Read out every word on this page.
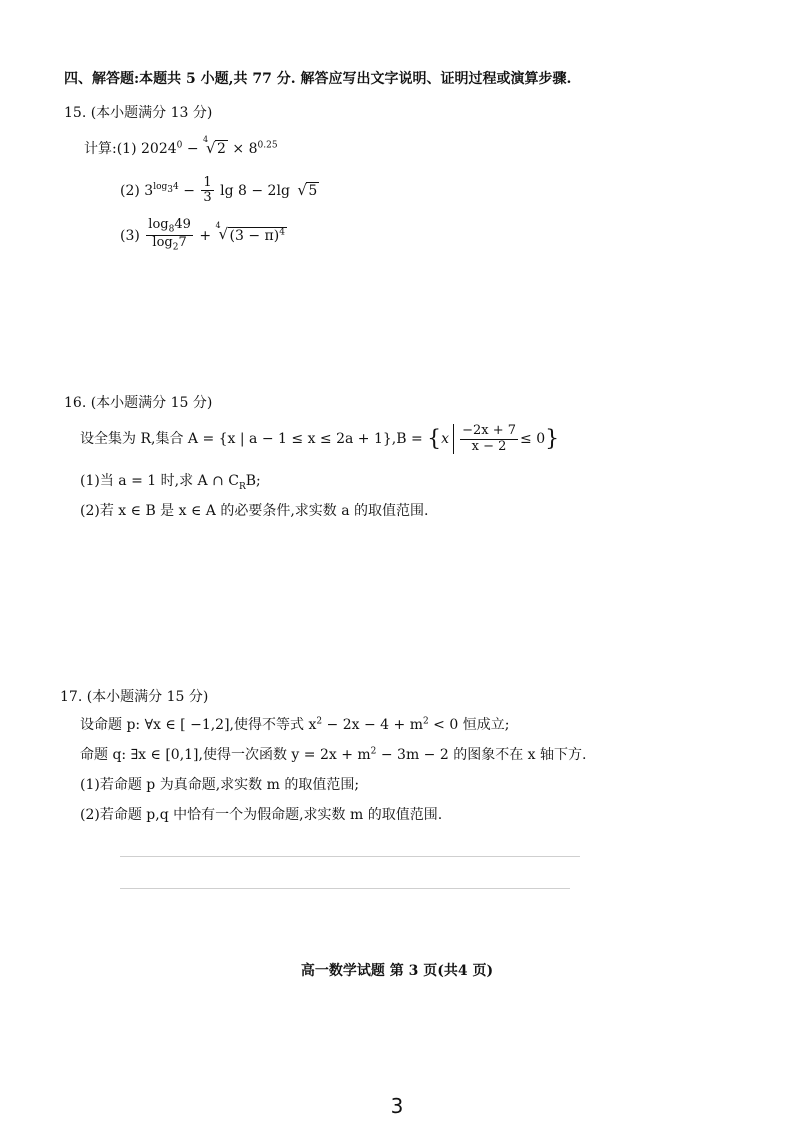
四、解答题:本题共 5 小题,共 77 分. 解答应写出文字说明、证明过程或演算步骤.
15. (本小题满分 13 分)
计算:(1) $2024^0$ −
4
√ $2 \times 8^{0.25}$
(2) $3^{log_34} - \frac{1}{3}$ lg 8 − 2lg √ 5
$(3) \frac{\log_849}{\log_27}$ +
4
√ $(3 - \pi)^4$
16. (本小题满分 15 分)
设全集为 R,集合 A = {x | $a - 1 \le x \le 2a + 1\},B = \{x \frac{-2x + 7}{x - 2} \le 0\}$
(1)当 a = 1 时,求 A ∩ $C_RB$;
(2)若 x ∈ B 是 x ∈ A 的必要条件,求实数 a 的取值范围.
17. (本小题满分 15 分)
设命题 p: ∀x ∈ [ −1,2],使得不等式 $x^2 - 2x - 4 + m^2 < 0$ 恒成立;
命题 q: ∃x ∈ [0,1],使得一次函数 $y = 2x + m^2 - 3m - 2$ 的图象不在 x 轴下方.
(1)若命题 p 为真命题,求实数 m 的取值范围;
(2)若命题 p,q 中恰有一个为假命题,求实数 m 的取值范围.
高一数学试题 第 3 页(共4 页)
3
